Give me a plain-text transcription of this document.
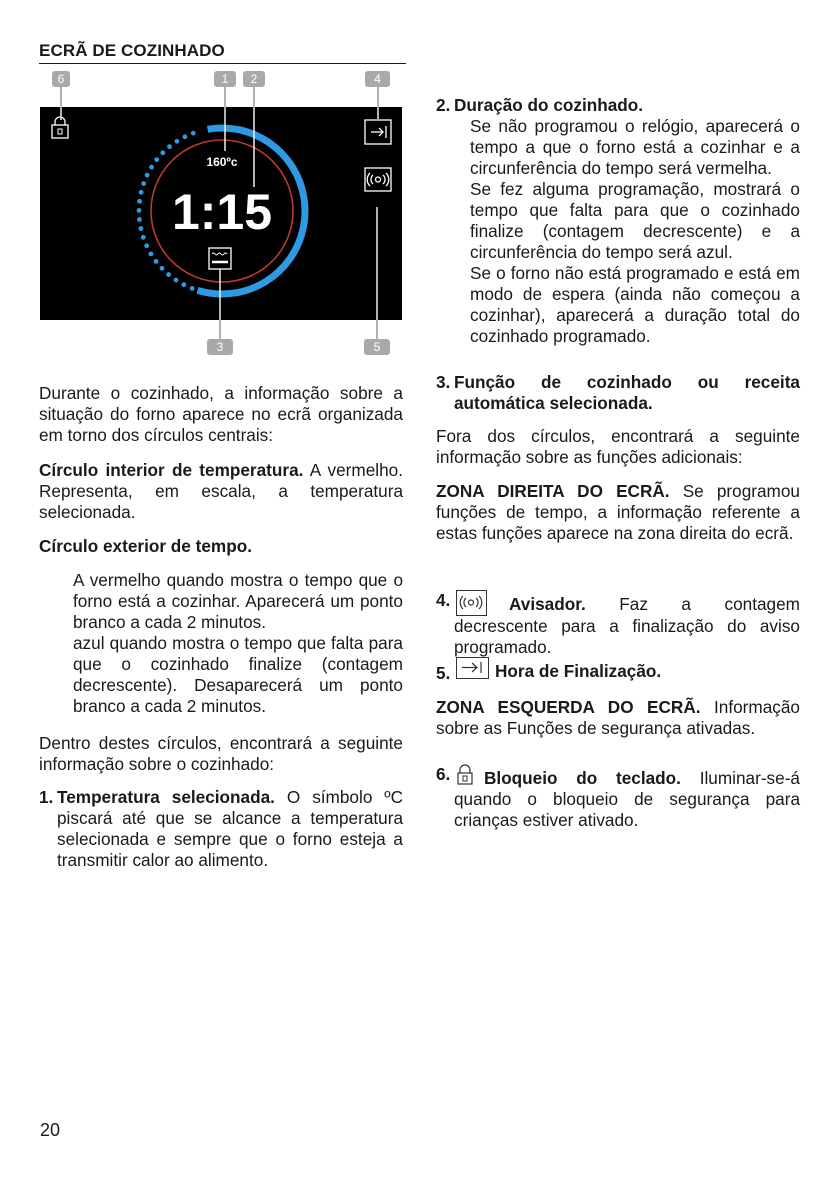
ECRÃ DE COZINHADO
6	1	2	4
3	5
160ºc
1:15

Durante o cozinhado, a informação sobre a situação do forno aparece no ecrã organizada em torno dos círculos centrais:

Círculo interior de temperatura. A vermelho. Representa, em escala, a temperatura selecionada.

Círculo exterior de tempo.

A vermelho quando mostra o tempo que o forno está a cozinhar. Aparecerá um ponto branco a cada 2 minutos.

azul quando mostra o tempo que falta para que o cozinhado finalize (contagem decrescente). Desaparecerá um ponto branco a cada 2 minutos.

Dentro destes círculos, encontrará a seguinte informação sobre o cozinhado:

1. Temperatura selecionada. O símbolo ºC piscará até que se alcance a temperatura selecionada e sempre que o forno esteja a transmitir calor ao alimento.

2. Duração do cozinhado.

Se não programou o relógio, aparecerá o tempo a que o forno está a cozinhar e a circunferência do tempo será vermelha.

Se fez alguma programação, mostrará o tempo que falta para que o cozinhado finalize (contagem decrescente) e a circunferência do tempo será azul.

Se o forno não está programado e está em modo de espera (ainda não começou a cozinhar), aparecerá a duração total do cozinhado programado.

3. Função de cozinhado ou receita automática selecionada.

Fora dos círculos, encontrará a seguinte informação sobre as funções adicionais:

ZONA DIREITA DO ECRÃ. Se programou funções de tempo, a informação referente a estas funções aparece na zona direita do ecrã.

4.	Avisador. Faz a contagem

decrescente para a finalização do aviso programado.

5.	Hora de Finalização.

ZONA ESQUERDA DO ECRÃ. Informação sobre as Funções de segurança ativadas.

6.	Bloqueio do teclado. Iluminar-se-á

quando o bloqueio de segurança para crianças estiver ativado.

20
